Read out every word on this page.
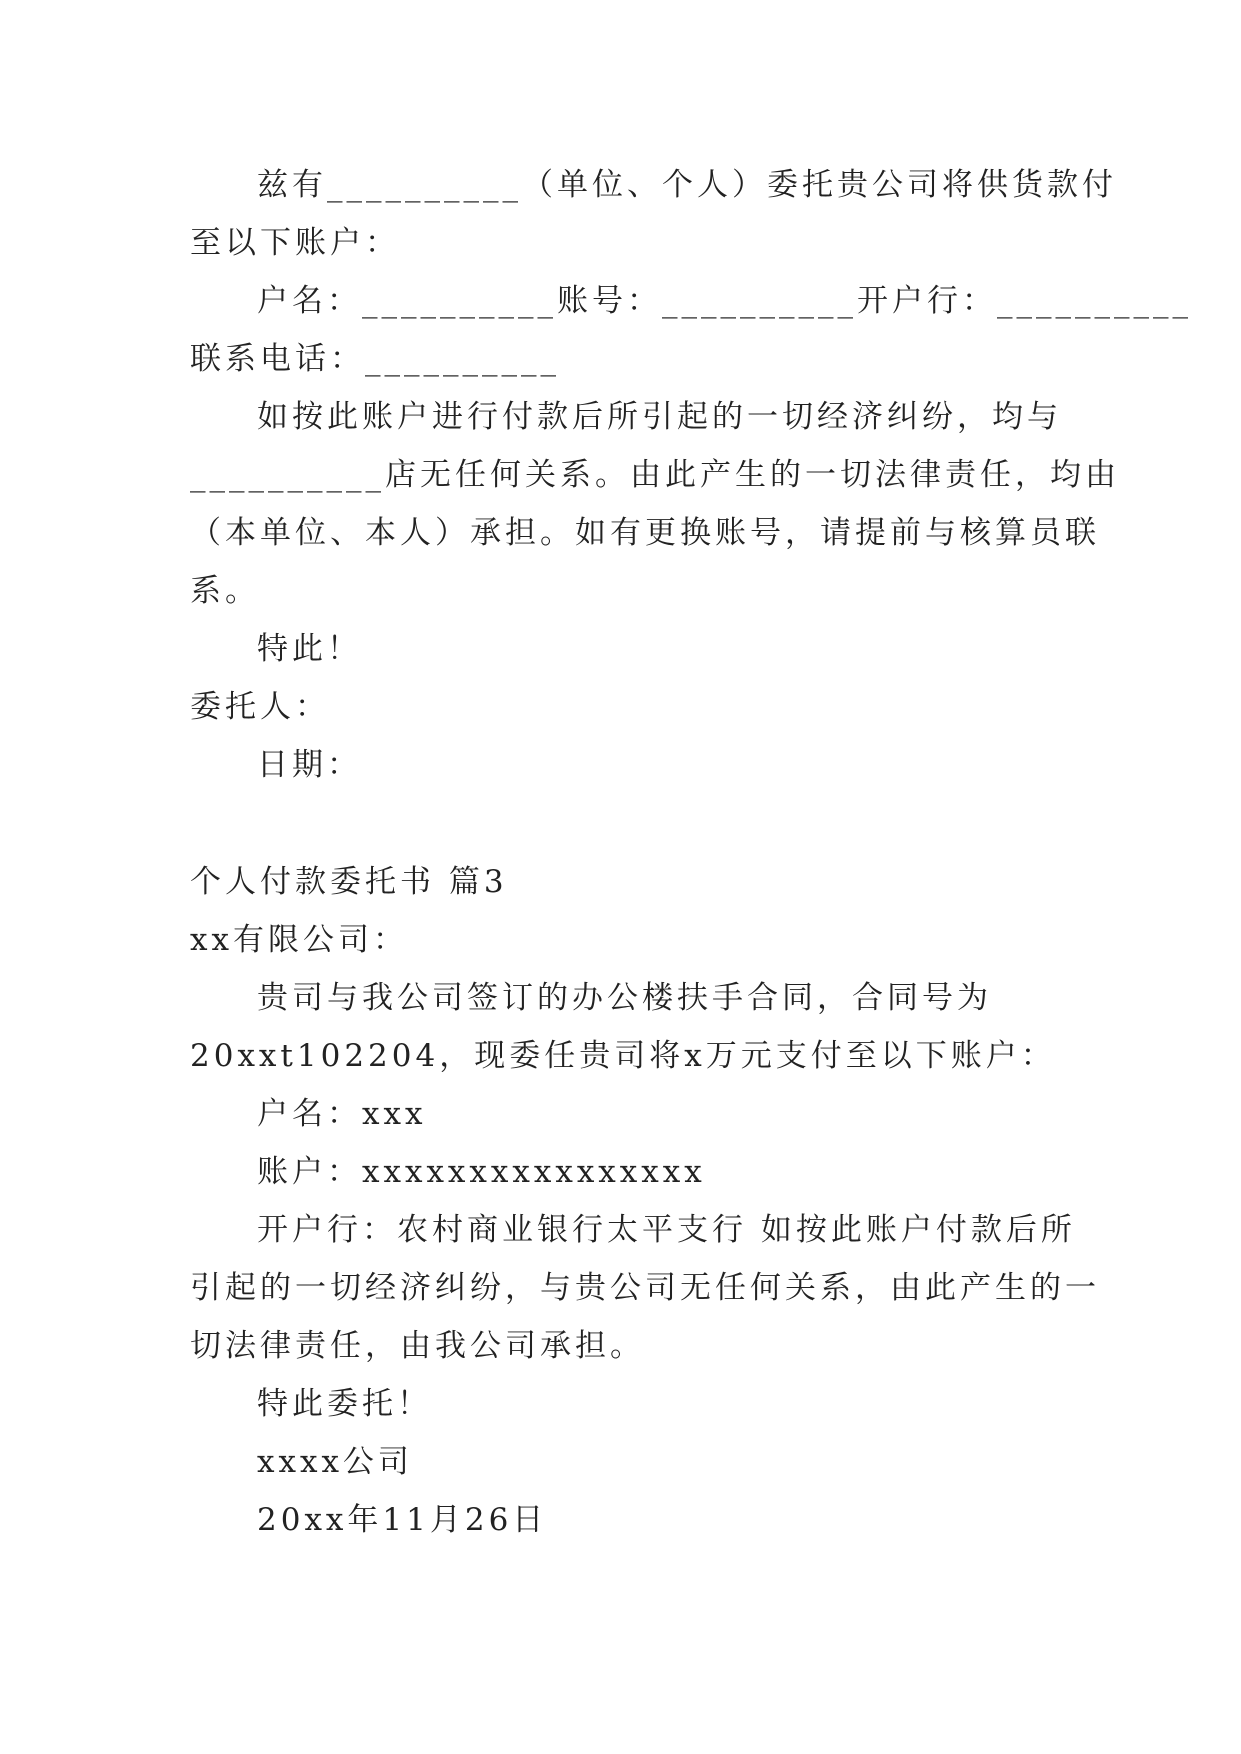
兹有__________（单位、个人）委托贵公司将供货款付
至以下账户：
户名：__________账号：__________开户行：__________
联系电话：__________
如按此账户进行付款后所引起的一切经济纠纷，均与
__________店无任何关系。由此产生的一切法律责任，均由
（本单位、本人）承担。如有更换账号，请提前与核算员联
系。
特此！
委托人：
日期：
个人付款委托书 篇3
xx有限公司：
贵司与我公司签订的办公楼扶手合同，合同号为
20xxt102204，现委任贵司将x万元支付至以下账户：
户名：xxx
账户：xxxxxxxxxxxxxxxx
开户行：农村商业银行太平支行 如按此账户付款后所
引起的一切经济纠纷，与贵公司无任何关系，由此产生的一
切法律责任，由我公司承担。
特此委托！
xxxx公司
20xx年11月26日
